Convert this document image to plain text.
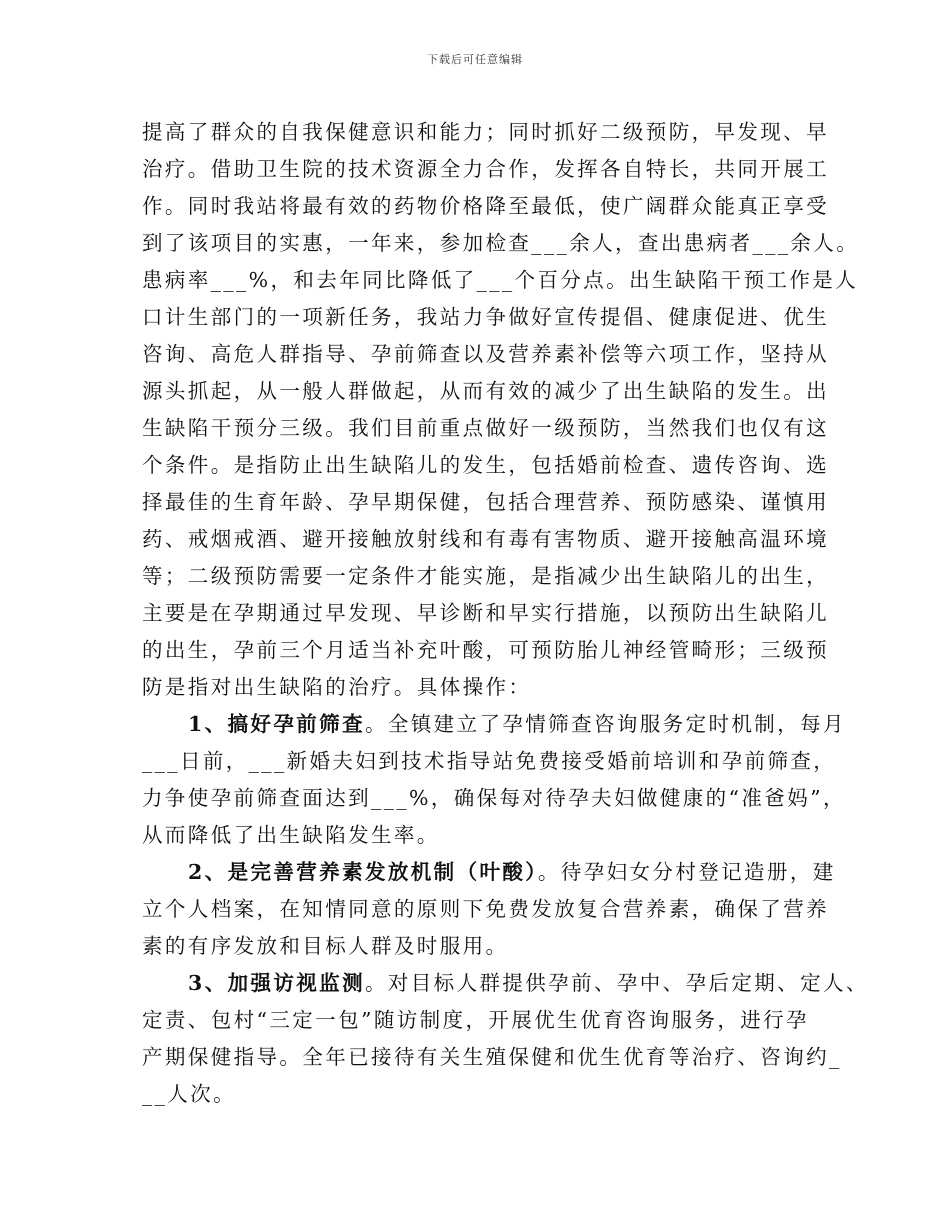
下载后可任意编辑

提高了群众的自我保健意识和能力；同时抓好二级预防，早发现、早
治疗。借助卫生院的技术资源全力合作，发挥各自特长，共同开展工
作。同时我站将最有效的药物价格降至最低，使广阔群众能真正享受
到了该项目的实惠，一年来，参加检查___余人，查出患病者___余人。
患病率___%，和去年同比降低了___个百分点。出生缺陷干预工作是人
口计生部门的一项新任务，我站力争做好宣传提倡、健康促进、优生
咨询、高危人群指导、孕前筛查以及营养素补偿等六项工作，坚持从
源头抓起，从一般人群做起，从而有效的减少了出生缺陷的发生。出
生缺陷干预分三级。我们目前重点做好一级预防，当然我们也仅有这
个条件。是指防止出生缺陷儿的发生，包括婚前检查、遗传咨询、选
择最佳的生育年龄、孕早期保健，包括合理营养、预防感染、谨慎用
药、戒烟戒酒、避开接触放射线和有毒有害物质、避开接触高温环境
等；二级预防需要一定条件才能实施，是指减少出生缺陷儿的出生，
主要是在孕期通过早发现、早诊断和早实行措施，以预防出生缺陷儿
的出生，孕前三个月适当补充叶酸，可预防胎儿神经管畸形；三级预
防是指对出生缺陷的治疗。具体操作：

1、搞好孕前筛查。全镇建立了孕情筛查咨询服务定时机制，每月
___日前，___新婚夫妇到技术指导站免费接受婚前培训和孕前筛查，
力争使孕前筛查面达到___%，确保每对待孕夫妇做健康的“准爸妈”，
从而降低了出生缺陷发生率。

2、是完善营养素发放机制（叶酸）。待孕妇女分村登记造册，建
立个人档案，在知情同意的原则下免费发放复合营养素，确保了营养
素的有序发放和目标人群及时服用。

3、加强访视监测。对目标人群提供孕前、孕中、孕后定期、定人、
定责、包村“三定一包”随访制度，开展优生优育咨询服务，进行孕
产期保健指导。全年已接待有关生殖保健和优生优育等治疗、咨询约_
__人次。
